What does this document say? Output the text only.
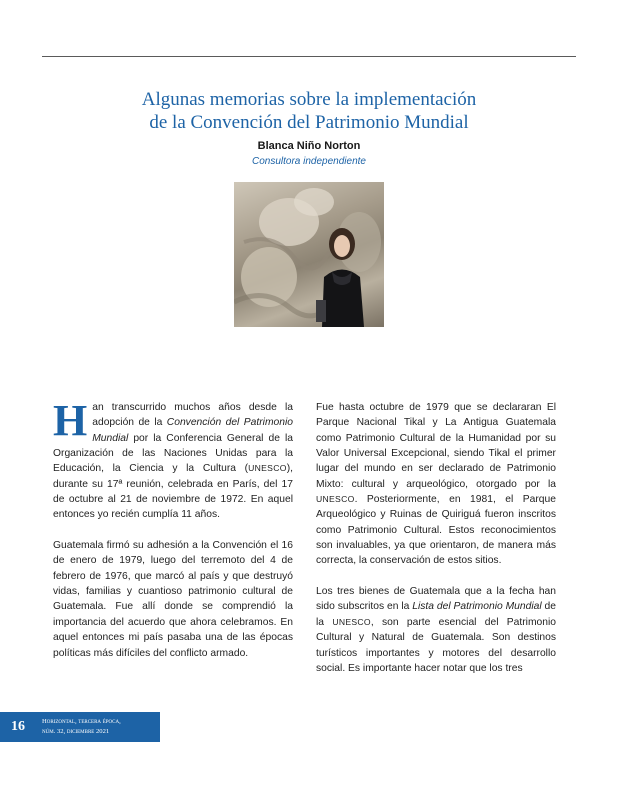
Algunas memorias sobre la implementación
de la Convención del Patrimonio Mundial
Blanca Niño Norton
Consultora independiente

Han transcurrido muchos años desde la adopción de la Convención del Patrimonio Mundial por la Conferencia General de la Organización de las Naciones Unidas para la Educación, la Ciencia y la Cultura (UNESCO), durante su 17ª reunión, celebrada en París, del 17 de octubre al 21 de noviembre de 1972. En aquel entonces yo recién cumplía 11 años.

Guatemala firmó su adhesión a la Convención el 16 de enero de 1979, luego del terremoto del 4 de febrero de 1976, que marcó al país y que destruyó vidas, familias y cuantioso patrimonio cultural de Guatemala. Fue allí donde se comprendió la importancia del acuerdo que ahora celebramos. En aquel entonces mi país pasaba una de las épocas políticas más difíciles del conflicto armado.

Fue hasta octubre de 1979 que se declararan El Parque Nacional Tikal y La Antigua Guatemala como Patrimonio Cultural de la Humanidad por su Valor Universal Excepcional, siendo Tikal el primer lugar del mundo en ser declarado de Patrimonio Mixto: cultural y arqueológico, otorgado por la UNESCO. Posteriormente, en 1981, el Parque Arqueológico y Ruinas de Quiriguá fueron inscritos como Patrimonio Cultural. Estos reconocimientos son invaluables, ya que orientaron, de manera más correcta, la conservación de estos sitios.

Los tres bienes de Guatemala que a la fecha han sido subscritos en la Lista del Patrimonio Mundial de la UNESCO, son parte esencial del Patrimonio Cultural y Natural de Guatemala. Son destinos turísticos importantes y motores del desarrollo social. Es importante hacer notar que los tres

16	Horizontal, tercera época,
núm. 32, diciembre 2021
